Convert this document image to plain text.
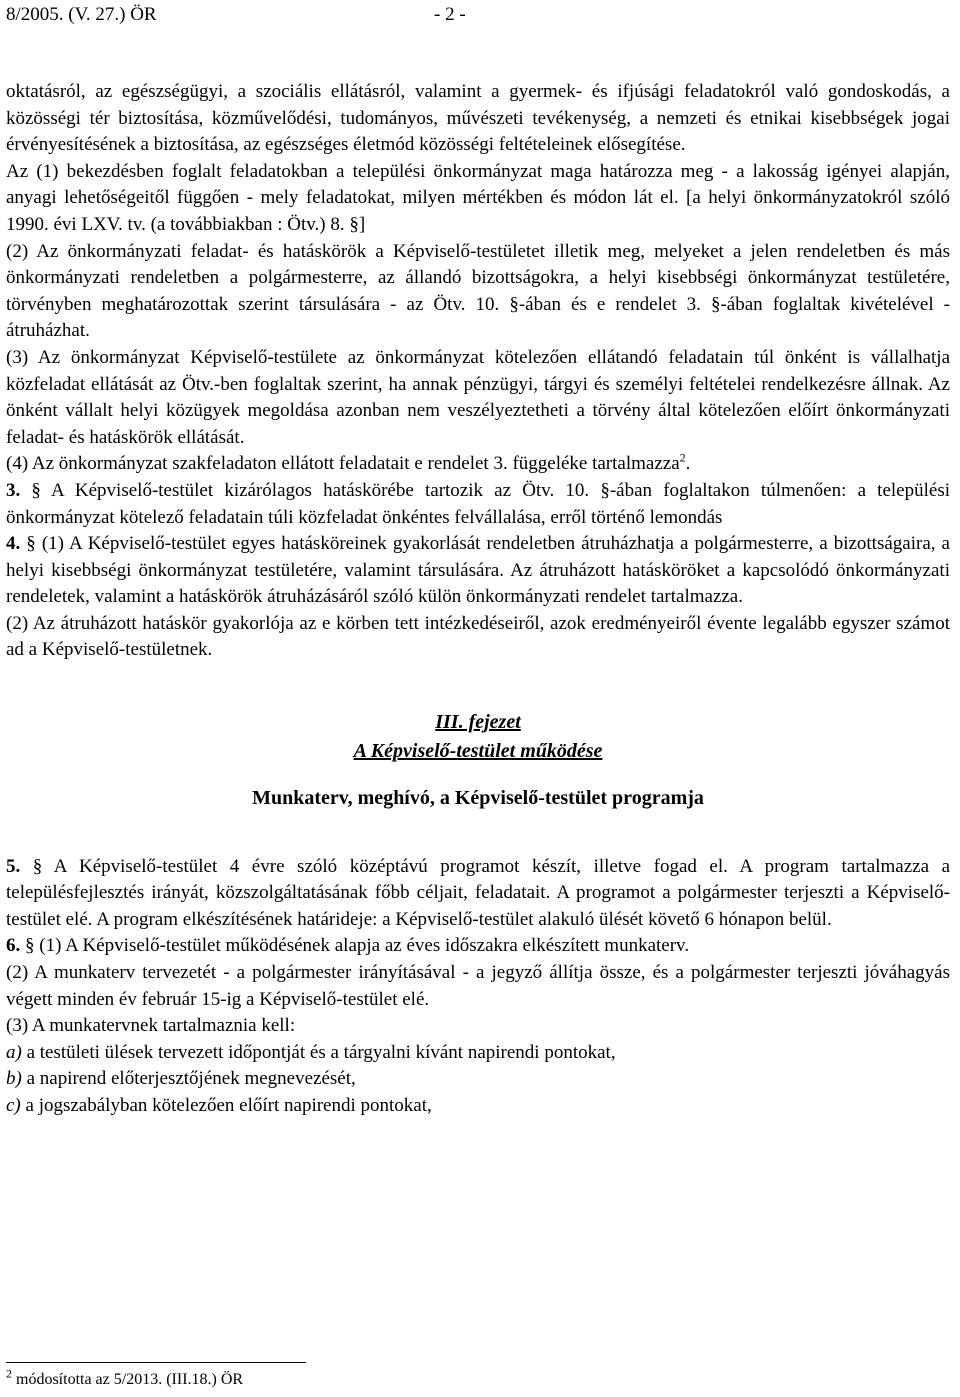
8/2005. (V. 27.) ÖR	- 2 -

oktatásról, az egészségügyi, a szociális ellátásról, valamint a gyermek- és ifjúsági feladatokról való gondoskodás, a közösségi tér biztosítása, közművelődési, tudományos, művészeti tevékenység, a nemzeti és etnikai kisebbségek jogai érvényesítésének a biztosítása, az egészséges életmód közösségi feltételeinek elősegítése.

Az (1) bekezdésben foglalt feladatokban a települési önkormányzat maga határozza meg - a lakosság igényei alapján, anyagi lehetőségeitől függően - mely feladatokat, milyen mértékben és módon lát el. [a helyi önkormányzatokról szóló 1990. évi LXV. tv. (a továbbiakban : Ötv.) 8. §]

(2) Az önkormányzati feladat- és hatáskörök a Képviselő-testületet illetik meg, melyeket a jelen rendeletben és más önkormányzati rendeletben a polgármesterre, az állandó bizottságokra, a helyi kisebbségi önkormányzat testületére, törvényben meghatározottak szerint társulására - az Ötv. 10. §-ában és e rendelet 3. §-ában foglaltak kivételével - átruházhat.

(3) Az önkormányzat Képviselő-testülete az önkormányzat kötelezően ellátandó feladatain túl önként is vállalhatja közfeladat ellátását az Ötv.-ben foglaltak szerint, ha annak pénzügyi, tárgyi és személyi feltételei rendelkezésre állnak. Az önként vállalt helyi közügyek megoldása azonban nem veszélyeztetheti a törvény által kötelezően előírt önkormányzati feladat- és hatáskörök ellátását.

(4) Az önkormányzat szakfeladaton ellátott feladatait e rendelet 3. függeléke tartalmazza$^2$.

3. § A Képviselő-testület kizárólagos hatáskörébe tartozik az Ötv. 10. §-ában foglaltakon túlmenően: a települési önkormányzat kötelező feladatain túli közfeladat önkéntes felvállalása, erről történő lemondás

4. § (1) A Képviselő-testület egyes hatásköreinek gyakorlását rendeletben átruházhatja a polgármesterre, a bizottságaira, a helyi kisebbségi önkormányzat testületére, valamint társulására. Az átruházott hatásköröket a kapcsolódó önkormányzati rendeletek, valamint a hatáskörök átruházásáról szóló külön önkormányzati rendelet tartalmazza.

(2) Az átruházott hatáskör gyakorlója az e körben tett intézkedéseiről, azok eredményeiről évente legalább egyszer számot ad a Képviselő-testületnek.

III. fejezet

A Képviselő-testület működése

Munkaterv, meghívó, a Képviselő-testület programja

5. § A Képviselő-testület 4 évre szóló középtávú programot készít, illetve fogad el. A program tartalmazza a településfejlesztés irányát, közszolgáltatásának főbb céljait, feladatait. A programot a polgármester terjeszti a Képviselő-testület elé. A program elkészítésének határideje: a Képviselő-testület alakuló ülését követő 6 hónapon belül.

6. § (1) A Képviselő-testület működésének alapja az éves időszakra elkészített munkaterv.

(2) A munkaterv tervezetét - a polgármester irányításával - a jegyző állítja össze, és a polgármester terjeszti jóváhagyás végett minden év február 15-ig a Képviselő-testület elé.

(3) A munkatervnek tartalmaznia kell:

a) a testületi ülések tervezett időpontját és a tárgyalni kívánt napirendi pontokat,

b) a napirend előterjesztőjének megnevezését,

c) a jogszabályban kötelezően előírt napirendi pontokat,

$^2$ módosította az 5/2013. (III.18.) ÖR
